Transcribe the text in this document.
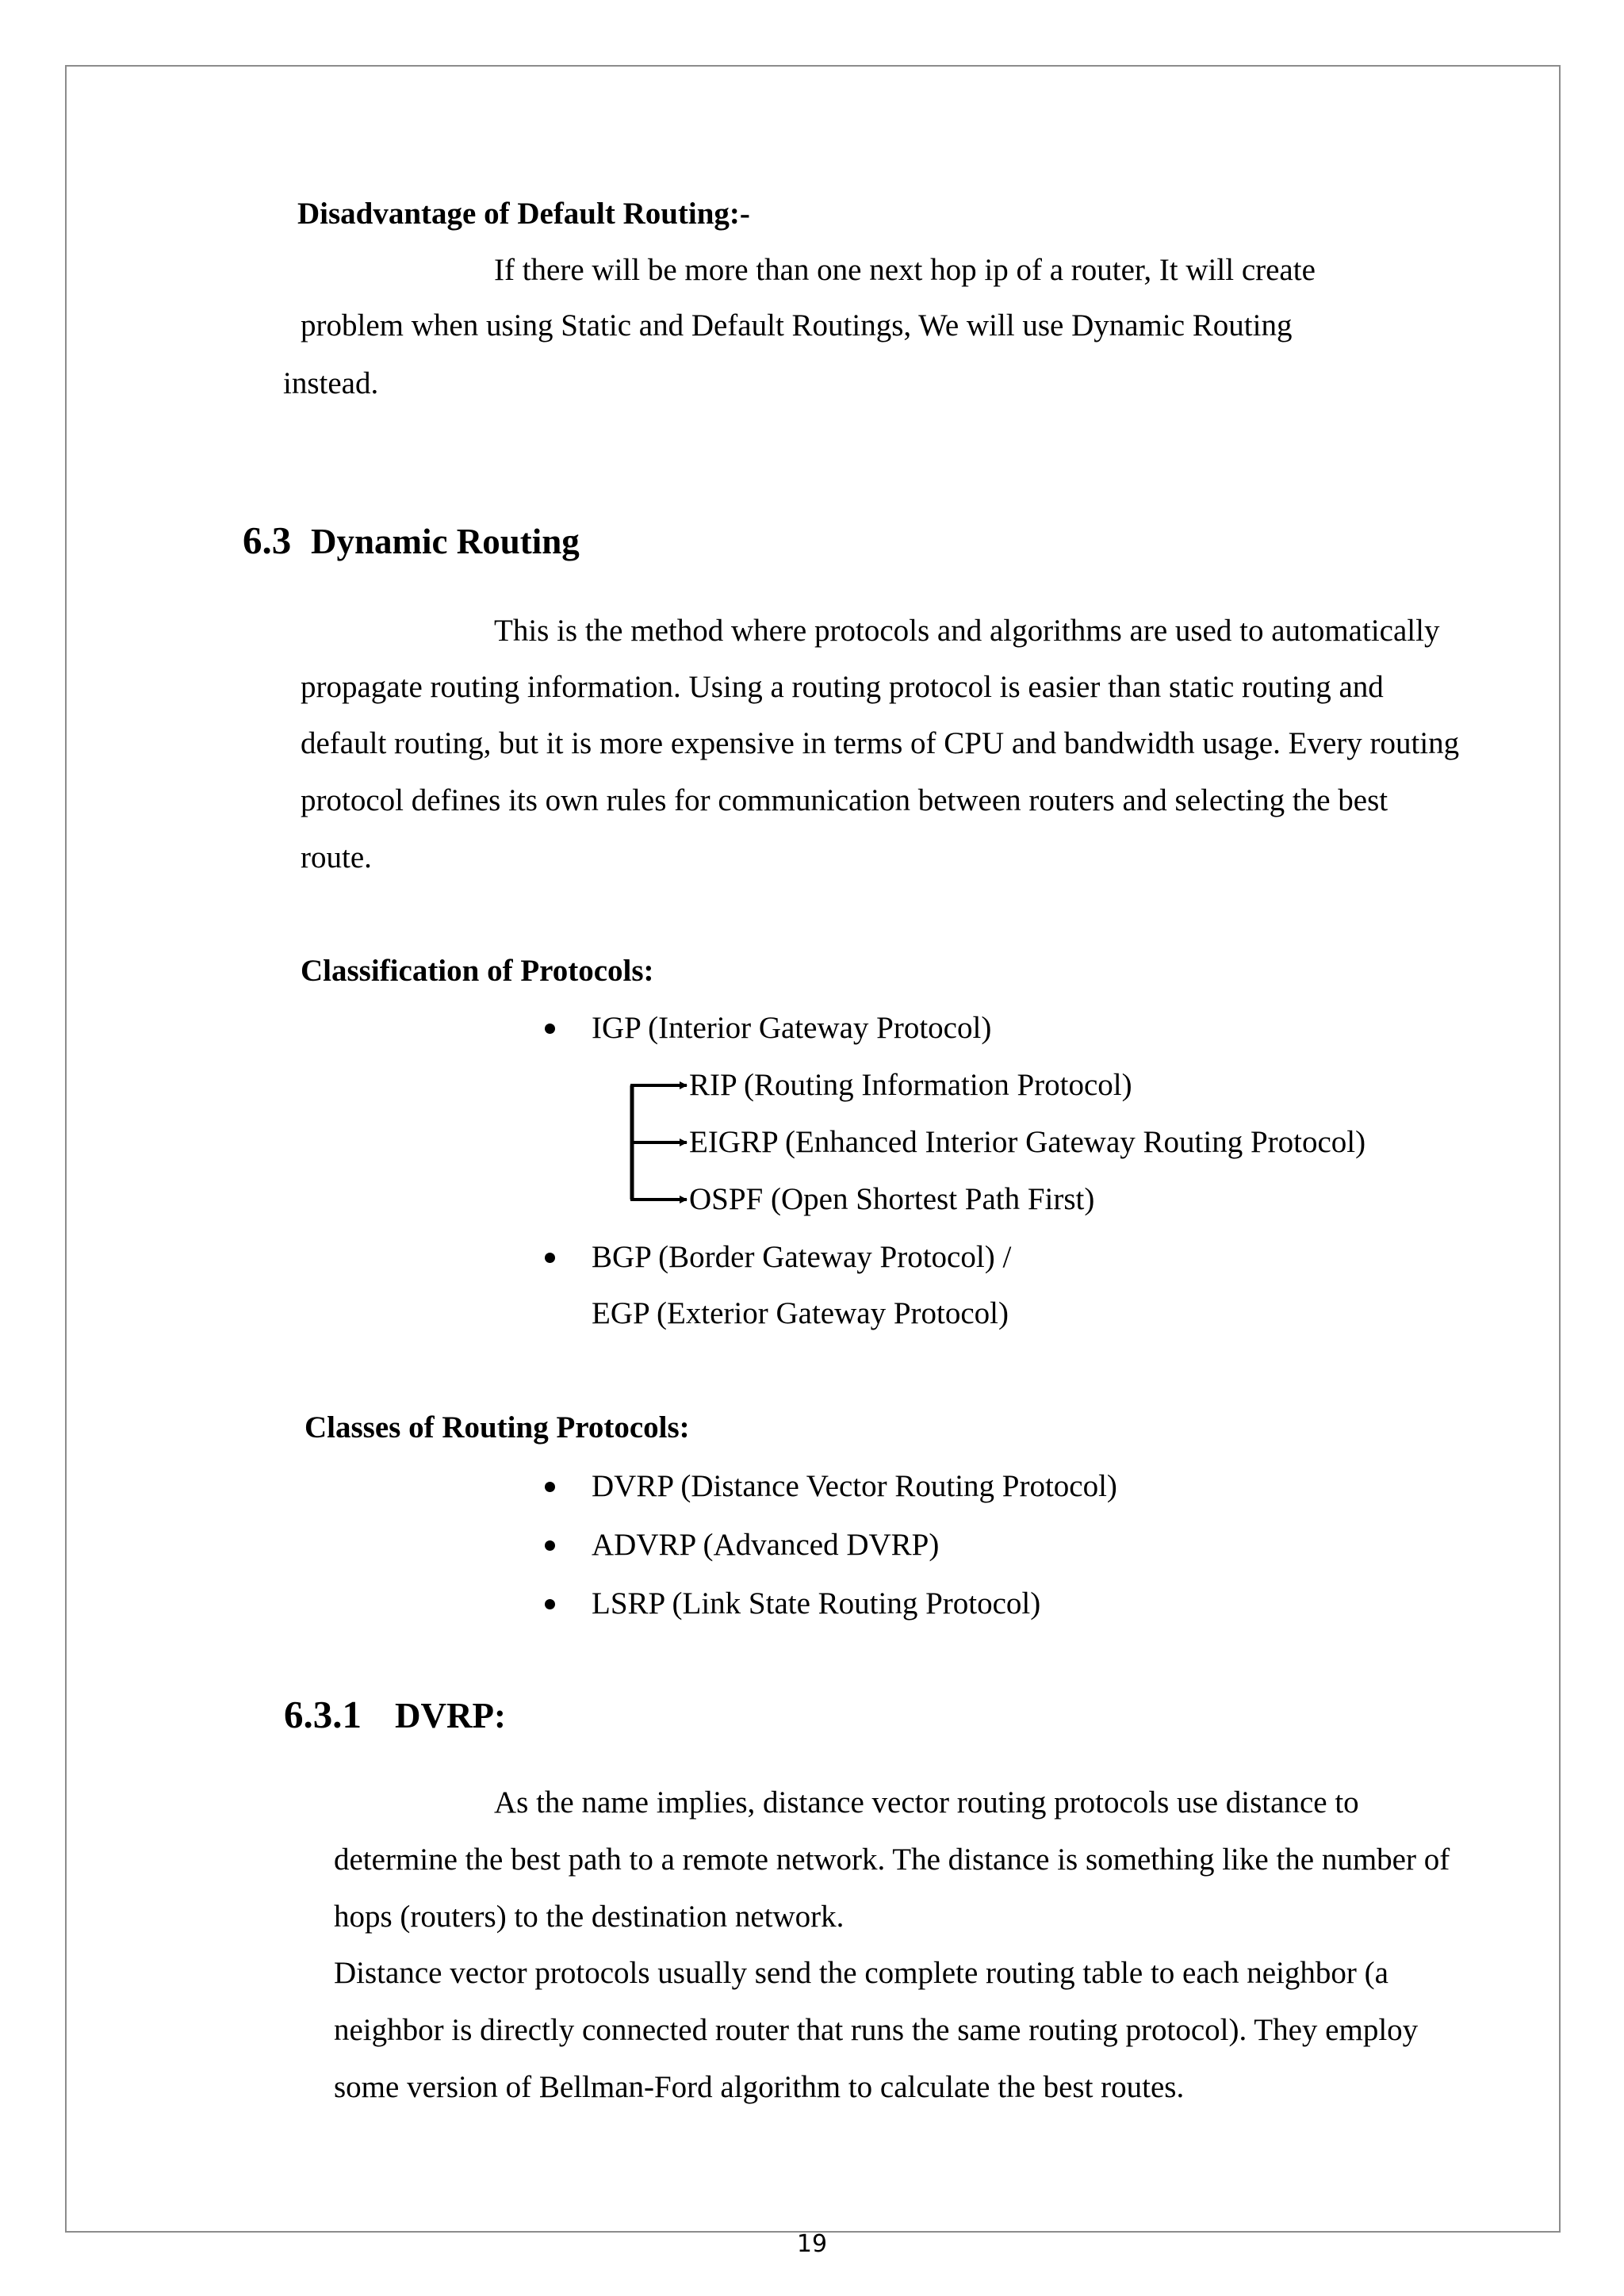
Disadvantage of Default Routing:-
If there will be more than one next hop ip of a router, It will create
problem when using Static and Default Routings, We will use Dynamic Routing
instead.
6.3 Dynamic Routing
This is the method where protocols and algorithms are used to automatically
propagate routing information. Using a routing protocol is easier than static routing and
default routing, but it is more expensive in terms of CPU and bandwidth usage. Every routing
protocol defines its own rules for communication between routers and selecting the best
route.
Classification of Protocols:
IGP (Interior Gateway Protocol)
RIP (Routing Information Protocol)
EIGRP (Enhanced Interior Gateway Routing Protocol)
OSPF (Open Shortest Path First)
BGP (Border Gateway Protocol) /
EGP (Exterior Gateway Protocol)
Classes of Routing Protocols:
DVRP (Distance Vector Routing Protocol)
ADVRP (Advanced DVRP)
LSRP (Link State Routing Protocol)
6.3.1 DVRP:
As the name implies, distance vector routing protocols use distance to
determine the best path to a remote network. The distance is something like the number of
hops (routers) to the destination network.
Distance vector protocols usually send the complete routing table to each neighbor (a
neighbor is directly connected router that runs the same routing protocol). They employ
some version of Bellman-Ford algorithm to calculate the best routes.
19
